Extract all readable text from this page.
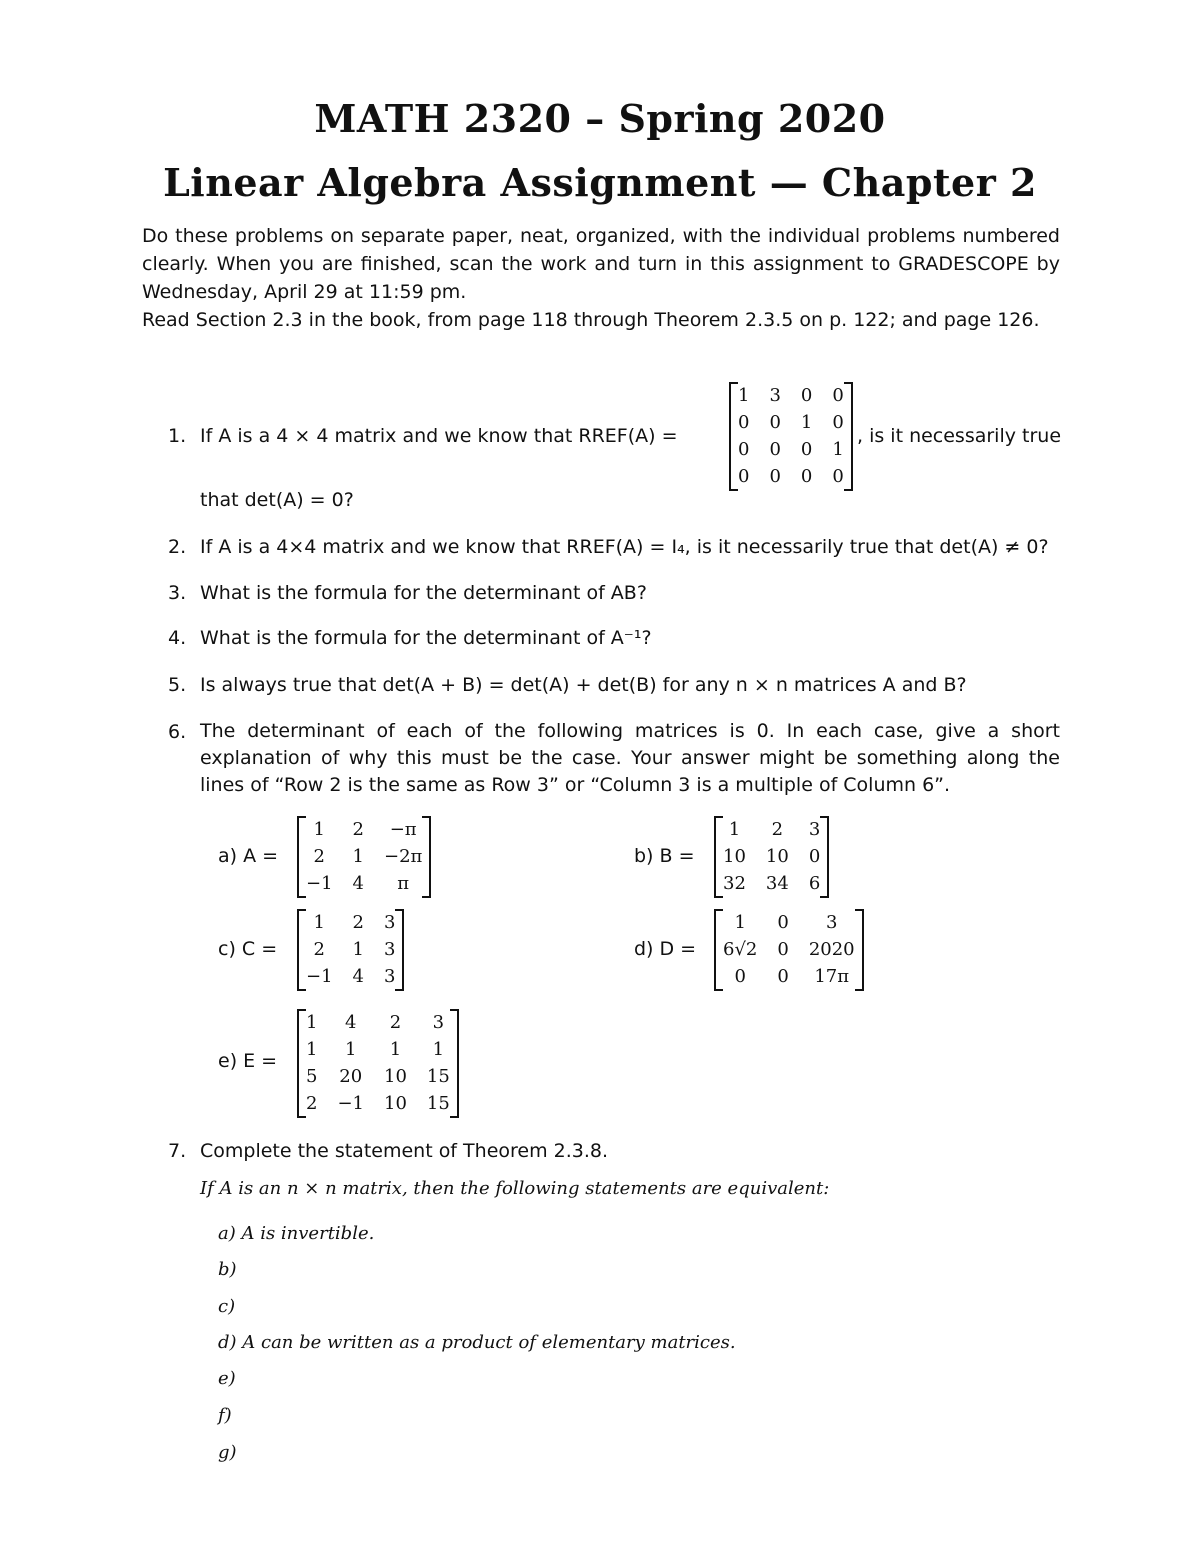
MATH 2320 – Spring 2020
Linear Algebra Assignment — Chapter 2
Do these problems on separate paper, neat, organized, with the individual problems numbered clearly. When you are finished, scan the work and turn in this assignment to GRADESCOPE by Wednesday, April 29 at 11:59 pm.
Read Section 2.3 in the book, from page 118 through Theorem 2.3.5 on p. 122; and page 126.
1. If A is a 4 × 4 matrix and we know that RREF(A) =
1 3 0 0
0 0 1 0
0 0 0 1
0 0 0 0
, is it necessarily true
that det(A) = 0?
2. If A is a 4×4 matrix and we know that RREF(A) = I₄, is it necessarily true that det(A) ≠ 0?
3. What is the formula for the determinant of AB?
4. What is the formula for the determinant of A⁻¹?
5. Is always true that det(A + B) = det(A) + det(B) for any n × n matrices A and B?
6. The determinant of each of the following matrices is 0. In each case, give a short explanation of why this must be the case. Your answer might be something along the lines of “Row 2 is the same as Row 3” or “Column 3 is a multiple of Column 6”.
a) A =
1	2	−π
2	1 −2π
−1 4	π
b) B =
1	2	3
10 10 0
32 34 6
c) C =
1	2 3
2	1 3
−1 4 3
d) D =
1	0	3
6√2 0 2020
0	0	17π
e) E =
1	4	2	3
1	1	1	1
5 20 10 15
2 −1 10 15
7. Complete the statement of Theorem 2.3.8.
If A is an n × n matrix, then the following statements are equivalent:
a) A is invertible.
b)
c)
d) A can be written as a product of elementary matrices.
e)
f)
g)
